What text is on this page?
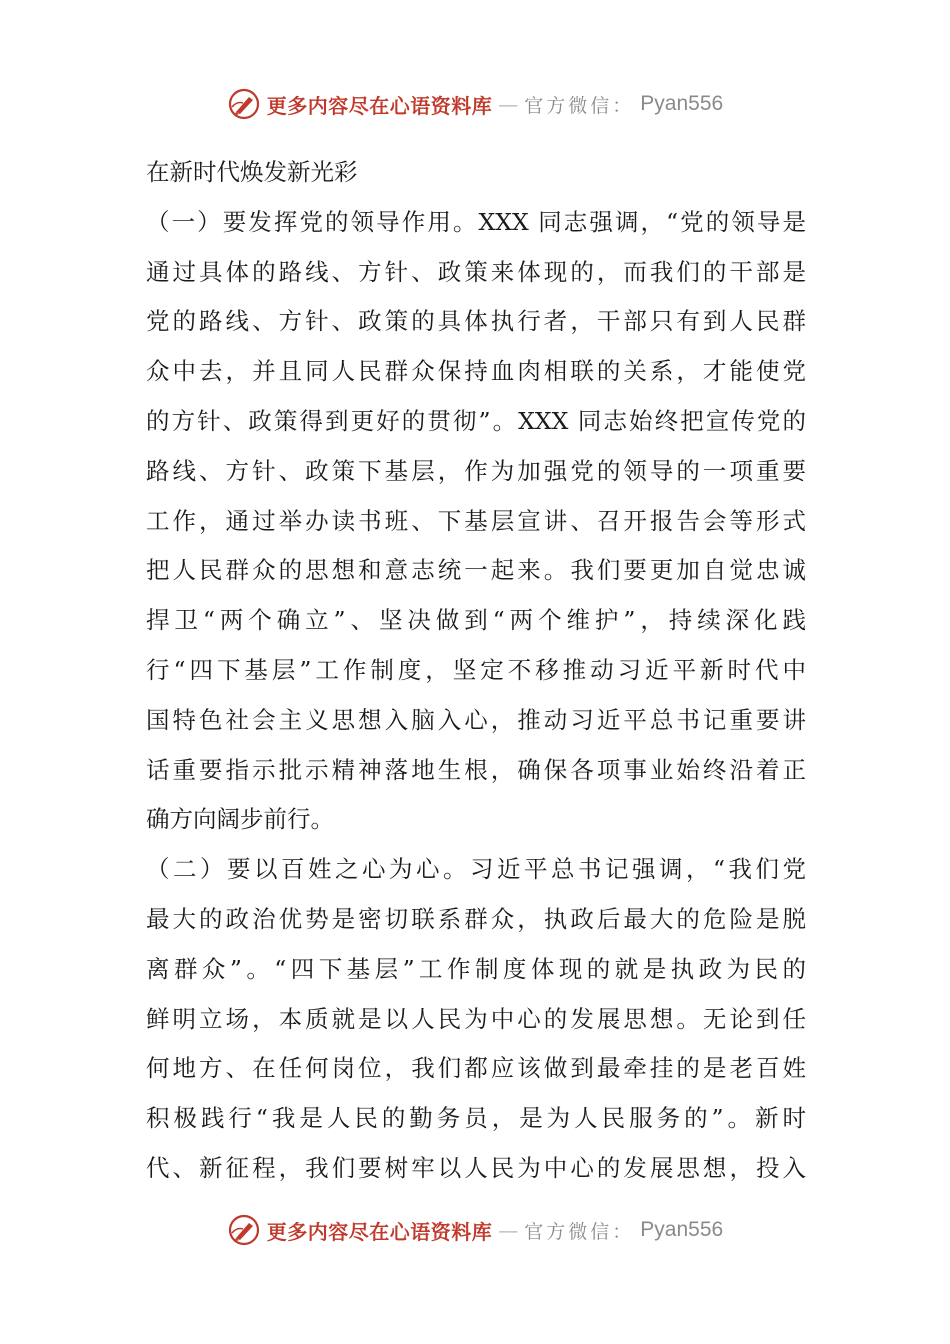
更多内容尽在心语资料库 — 官方微信： Pyan556
在新时代焕发新光彩
（一）要发挥党的领导作用。XXX 同志强调，“党的领导是
通过具体的路线、方针、政策来体现的，而我们的干部是
党的路线、方针、政策的具体执行者，干部只有到人民群
众中去，并且同人民群众保持血肉相联的关系，才能使党
的方针、政策得到更好的贯彻”。XXX 同志始终把宣传党的
路线、方针、政策下基层，作为加强党的领导的一项重要
工作，通过举办读书班、下基层宣讲、召开报告会等形式
把人民群众的思想和意志统一起来。我们要更加自觉忠诚
捍卫“两个确立”、坚决做到“两个维护”，持续深化践
行“四下基层”工作制度，坚定不移推动习近平新时代中
国特色社会主义思想入脑入心，推动习近平总书记重要讲
话重要指示批示精神落地生根，确保各项事业始终沿着正
确方向阔步前行。
（二）要以百姓之心为心。习近平总书记强调，“我们党
最大的政治优势是密切联系群众，执政后最大的危险是脱
离群众”。“四下基层”工作制度体现的就是执政为民的
鲜明立场，本质就是以人民为中心的发展思想。无论到任
何地方、在任何岗位，我们都应该做到最牵挂的是老百姓
积极践行“我是人民的勤务员，是为人民服务的”。新时
代、新征程，我们要树牢以人民为中心的发展思想，投入
更多内容尽在心语资料库 — 官方微信： Pyan556
